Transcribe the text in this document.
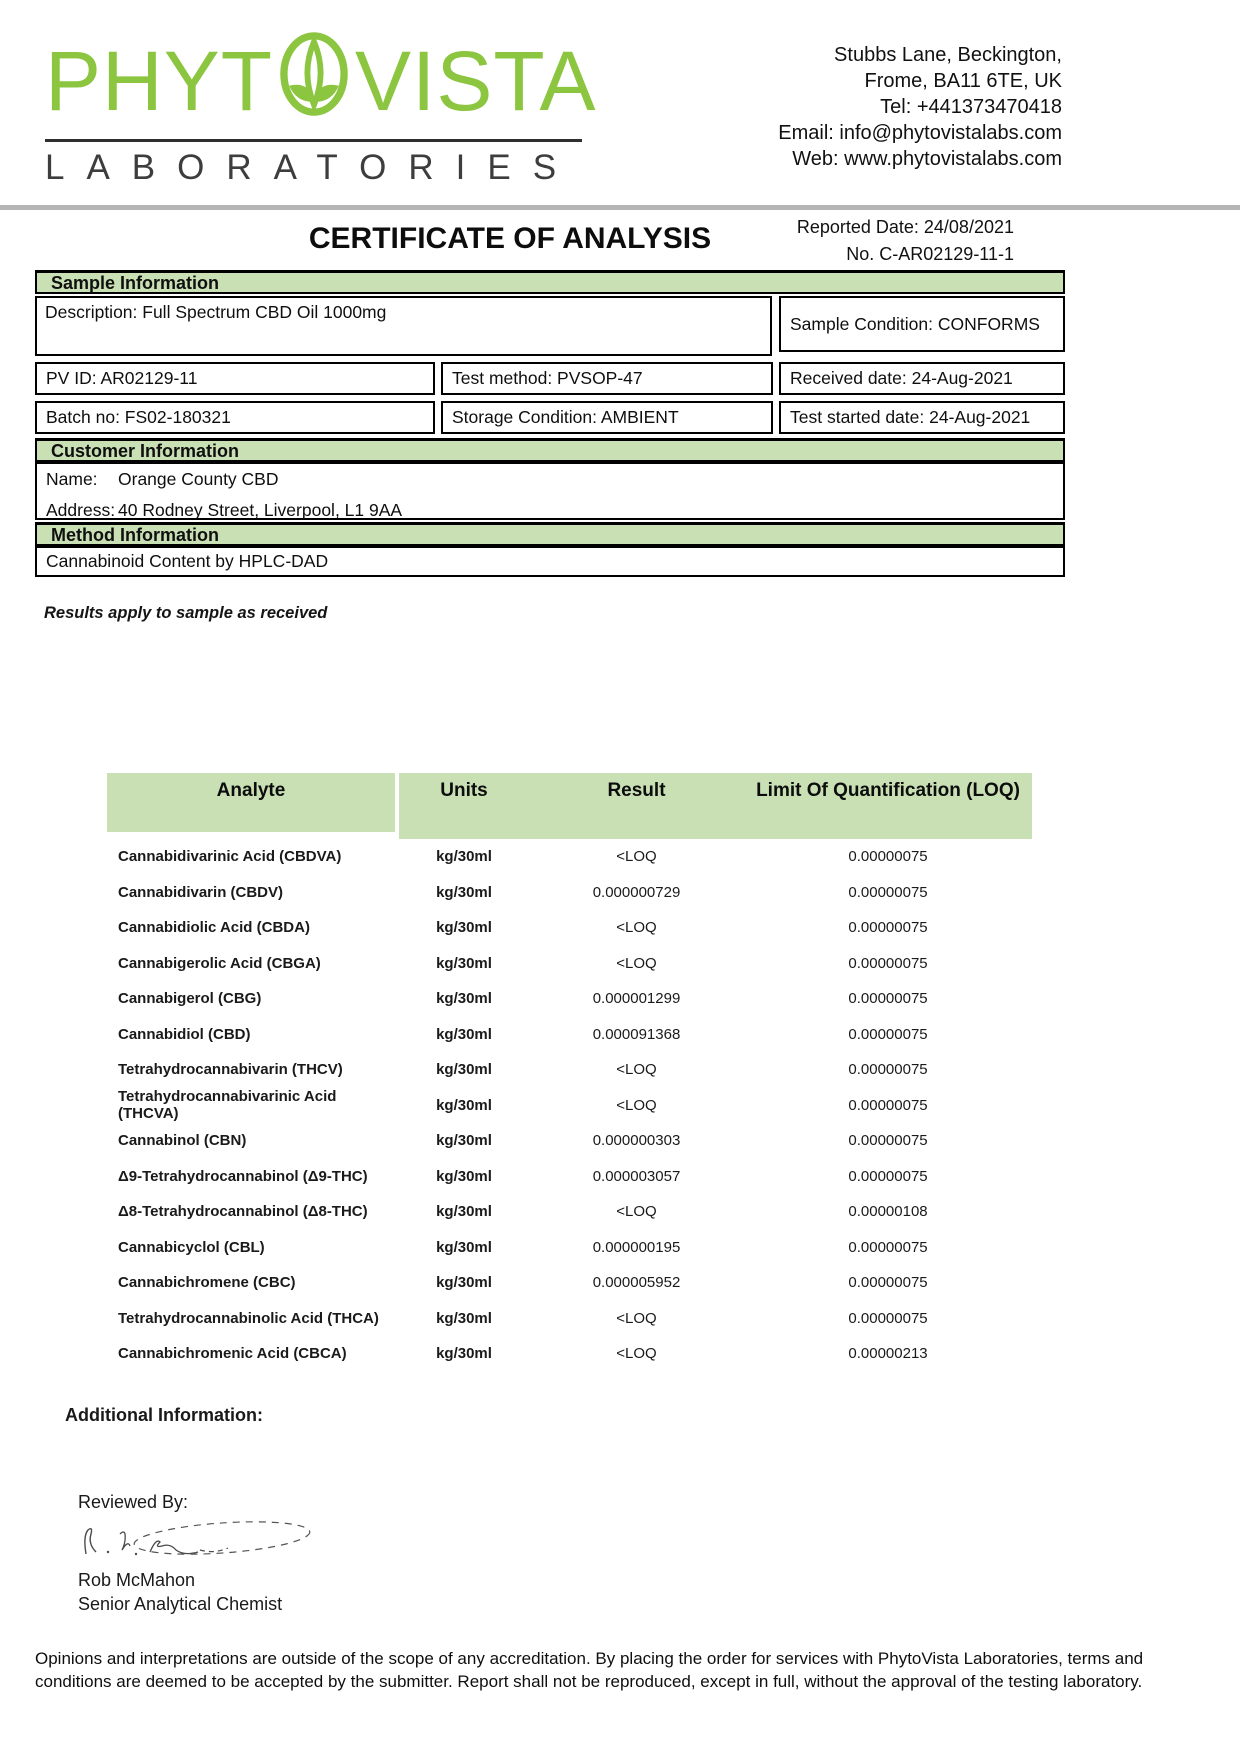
PHYT VISTA
LABORATORIES
Stubbs Lane, Beckington,
Frome, BA11 6TE, UK
Tel: +441373470418
Email: info@phytovistalabs.com
Web: www.phytovistalabs.com
Reported Date: 24/08/2021
No. C-AR02129-11-1
CERTIFICATE OF ANALYSIS
Sample Information
Description: Full Spectrum CBD Oil 1000mg
Sample Condition: CONFORMS
PV ID: AR02129-11	Test method: PVSOP-47	Received date: 24-Aug-2021
Batch no: FS02-180321	Storage Condition: AMBIENT	Test started date: 24-Aug-2021
Customer Information
Name:	Orange County CBD
Address: 40 Rodney Street, Liverpool, L1 9AA
Method Information
Cannabinoid Content by HPLC-DAD
Results apply to sample as received
Analyte	Units	Result	Limit Of Quantification (LOQ)
Cannabidivarinic Acid (CBDVA)	kg/30ml	<LOQ	0.00000075
Cannabidivarin (CBDV)	kg/30ml	0.000000729	0.00000075
Cannabidiolic Acid (CBDA)	kg/30ml	<LOQ	0.00000075
Cannabigerolic Acid (CBGA)	kg/30ml	<LOQ	0.00000075
Cannabigerol (CBG)	kg/30ml	0.000001299	0.00000075
Cannabidiol (CBD)	kg/30ml	0.000091368	0.00000075
Tetrahydrocannabivarin (THCV)	kg/30ml	<LOQ	0.00000075
Tetrahydrocannabivarinic Acid (THCVA)	kg/30ml	<LOQ	0.00000075
Cannabinol (CBN)	kg/30ml	0.000000303	0.00000075
Δ9-Tetrahydrocannabinol (Δ9-THC)	kg/30ml	0.000003057	0.00000075
Δ8-Tetrahydrocannabinol (Δ8-THC)	kg/30ml	<LOQ	0.00000108
Cannabicyclol (CBL)	kg/30ml	0.000000195	0.00000075
Cannabichromene (CBC)	kg/30ml	0.000005952	0.00000075
Tetrahydrocannabinolic Acid (THCA)	kg/30ml	<LOQ	0.00000075
Cannabichromenic Acid (CBCA)	kg/30ml	<LOQ	0.00000213
Additional Information:
Reviewed By:
Rob McMahon
Senior Analytical Chemist
Opinions and interpretations are outside of the scope of any accreditation. By placing the order for services with PhytoVista Laboratories, terms and conditions are deemed to be accepted by the submitter. Report shall not be reproduced, except in full, without the approval of the testing laboratory.
